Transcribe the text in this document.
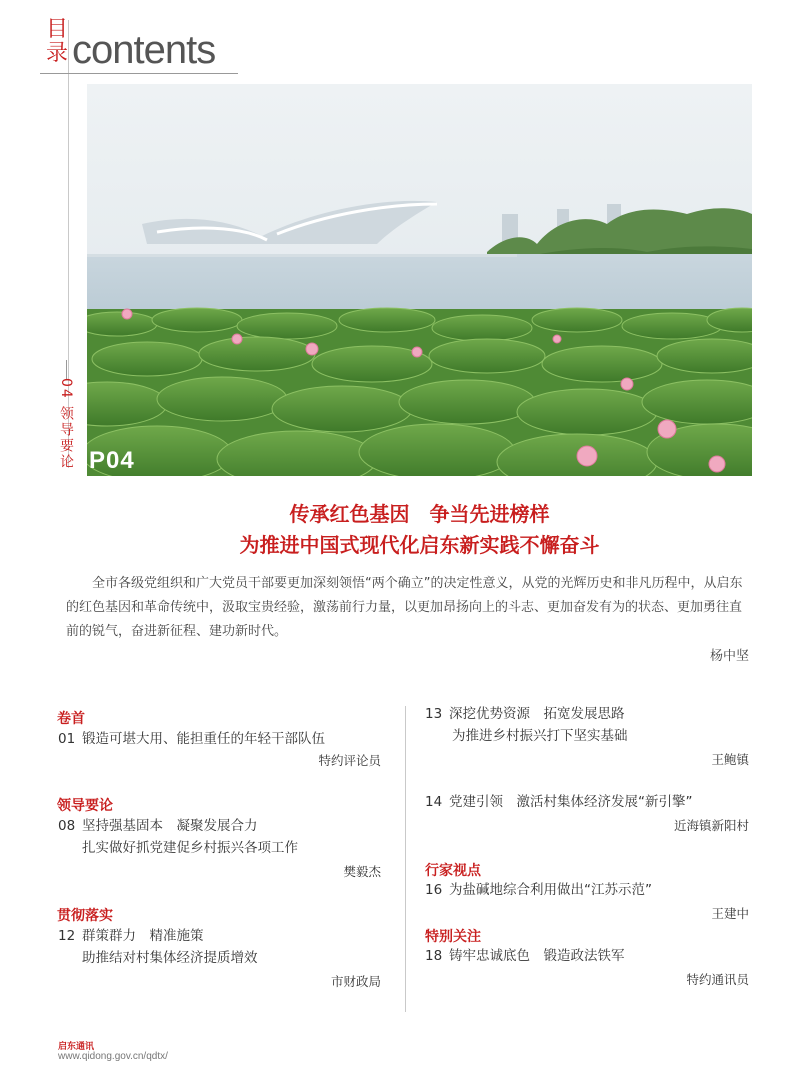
目录 contents
04 领导要论 P04
传承红色基因　争当先进榜样
为推进中国式现代化启东新实践不懈奋斗
全市各级党组织和广大党员干部要更加深刻领悟“两个确立”的决定性意义，从党的光辉历史和非凡历程中，从启东的红色基因和革命传统中，汲取宝贵经验，激荡前行力量，以更加昂扬向上的斗志、更加奋发有为的状态、更加勇往直前的锐气，奋进新征程、建功新时代。
杨中坚
卷首
01 锻造可堪大用、能担重任的年轻干部队伍
特约评论员
领导要论
08 坚持强基固本　凝聚发展合力
扎实做好抓党建促乡村振兴各项工作
樊毅杰
贯彻落实
12 群策群力　精准施策
助推结对村集体经济提质增效
市财政局
13 深挖优势资源　拓宽发展思路
为推进乡村振兴打下坚实基础
王鲍镇
14 党建引领　激活村集体经济发展“新引擎”
近海镇新阳村
行家视点
16 为盐碱地综合利用做出“江苏示范”
王建中
特别关注
18 铸牢忠诚底色　锻造政法铁军
特约通讯员
启东通讯
www.qidong.gov.cn/qdtx/
